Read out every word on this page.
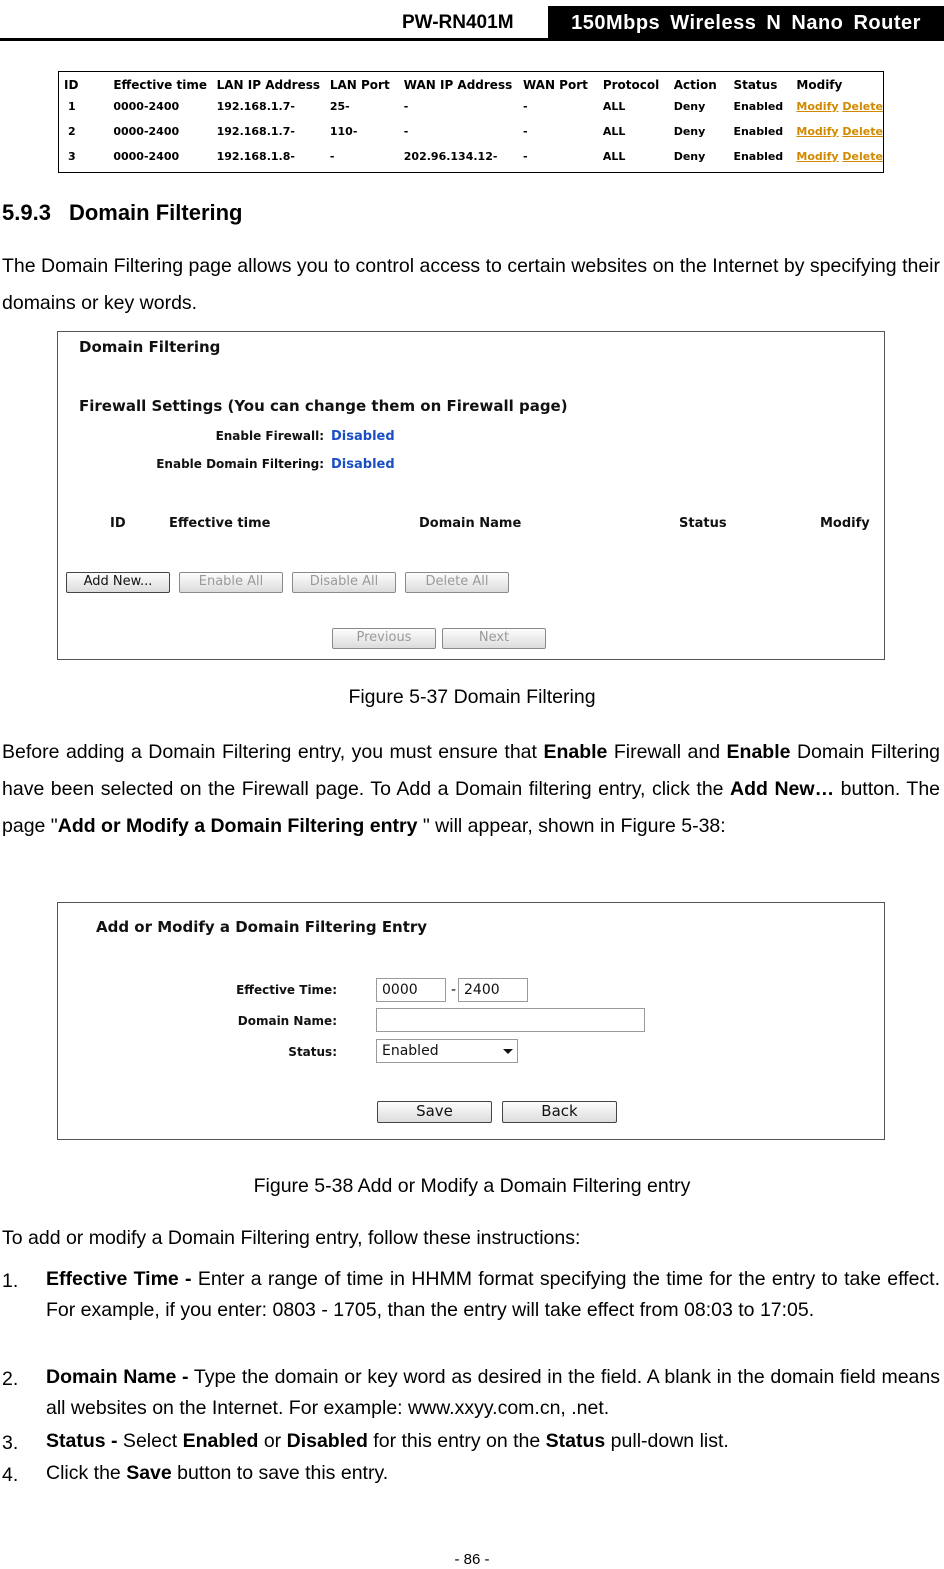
PW-RN401M	150Mbps Wireless N Nano Router
ID	Effective time	LAN IP Address	LAN Port	WAN IP Address	WAN Port	Protocol	Action	Status	Modify
1	0000-2400	192.168.1.7-	25-	-	-	ALL	Deny	Enabled	Modify Delete
2	0000-2400	192.168.1.7-	110-	-	-	ALL	Deny	Enabled	Modify Delete
3	0000-2400	192.168.1.8-	-	202.96.134.12-	-	ALL	Deny	Enabled	Modify Delete
5.9.3 Domain Filtering
The Domain Filtering page allows you to control access to certain websites on the Internet by specifying their domains or key words.
Domain Filtering
Firewall Settings (You can change them on Firewall page)
Enable Firewall: Disabled
Enable Domain Filtering: Disabled
ID	Effective time	Domain Name	Status	Modify
Add New...	Enable All	Disable All	Delete All
Previous	Next
Figure 5-37 Domain Filtering
Before adding a Domain Filtering entry, you must ensure that Enable Firewall and Enable Domain Filtering have been selected on the Firewall page. To Add a Domain filtering entry, click the Add New… button. The page "Add or Modify a Domain Filtering entry " will appear, shown in Figure 5-38:
Add or Modify a Domain Filtering Entry
Effective Time:	0000	- 2400
Domain Name:
Status:	Enabled
Save	Back
Figure 5-38 Add or Modify a Domain Filtering entry
To add or modify a Domain Filtering entry, follow these instructions:
1. Effective Time - Enter a range of time in HHMM format specifying the time for the entry to take effect. For example, if you enter: 0803 - 1705, than the entry will take effect from 08:03 to 17:05.
2. Domain Name - Type the domain or key word as desired in the field. A blank in the domain field means all websites on the Internet. For example: www.xxyy.com.cn, .net.
3. Status - Select Enabled or Disabled for this entry on the Status pull-down list.
4. Click the Save button to save this entry.
- 86 -
